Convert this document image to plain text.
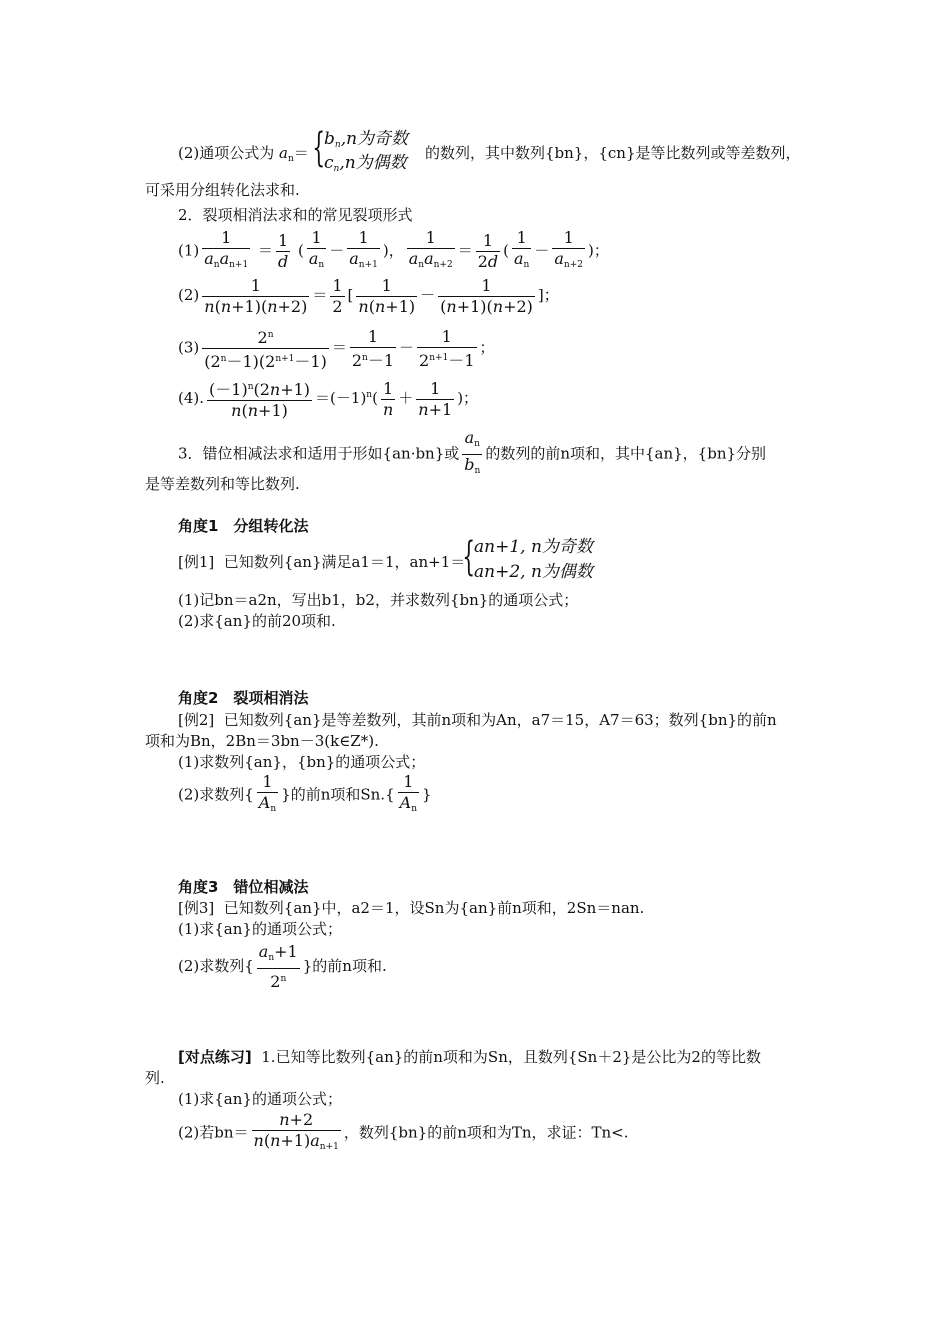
(2)通项公式为 $a_n=$ {
$b_n,n$为奇数
$c_n,n$为偶数 的数列，其中数列{bn}，{cn}是等比数列或等差数列，
可采用分组转化法求和.
2．裂项相消法求和的常见裂项形式
$(1) \frac{1}{a_na_{n+1}} = \frac{1}{d}$ ( $\frac{1}{a_n} - \frac{1}{a_{n+1}}$ )， $\frac{1}{a_na_{n+2}} = \frac{1}{2d}$ ( $\frac{1}{a_n} - \frac{1}{a_{n+2}}$ )；
$(2) \frac{1}{n(n+1)(n+2)} = \frac{1}{2}$ [ $\frac{1}{n(n+1)} - \frac{1}{(n+1)(n+2)}$ ]；
$(3) \frac{2^n}{(2^n-1)(2^{n+1}-1)} = \frac{1}{2^n-1} - \frac{1}{2^{n+1}-1}$ ；
(4). $\frac{(-1)^n(2n+1)}{n(n+1)} =(-1)^n( \frac{1}{n} + \frac{1}{n+1}$ )；
3．错位相减法求和适用于形如{an·bn}或 $\frac{a_n}{b_n}$ 的数列的前n项和，其中{an}，{bn}分别
是等差数列和等比数列.
角度1　分组转化法
[例1] 已知数列{an}满足a1＝1，an+1＝
{
an+1, n为奇数
an+2, n为偶数
(1)记bn＝a2n，写出b1，b2，并求数列{bn}的通项公式；
(2)求{an}的前20项和.
角度2　裂项相消法
[例2] 已知数列{an}是等差数列，其前n项和为An，a7＝15，A7＝63；数列{bn}的前n
项和为Bn，2Bn＝3bn－3(k∈Z*).
(1)求数列{an}，{bn}的通项公式；
(2)求数列{ $\frac{1}{A_n}$ }的前n项和$Sn.\{ \frac{1}{A_n}$ }
角度3　错位相减法
[例3] 已知数列{an}中，a2＝1，设Sn为{an}前n项和，2Sn＝nan.
(1)求{an}的通项公式；
(2)求数列{ $\frac{a_n+1}{2^n}$ }的前n项和.
[对点练习] 1.已知等比数列{an}的前n项和为Sn，且数列{Sn＋2}是公比为2的等比数
列.
(1)求{an}的通项公式；
(2)若$bn= \frac{n+2}{n(n+1)a_{n+1}}$ ，数列{bn}的前n项和为Tn，求证：Tn<.
